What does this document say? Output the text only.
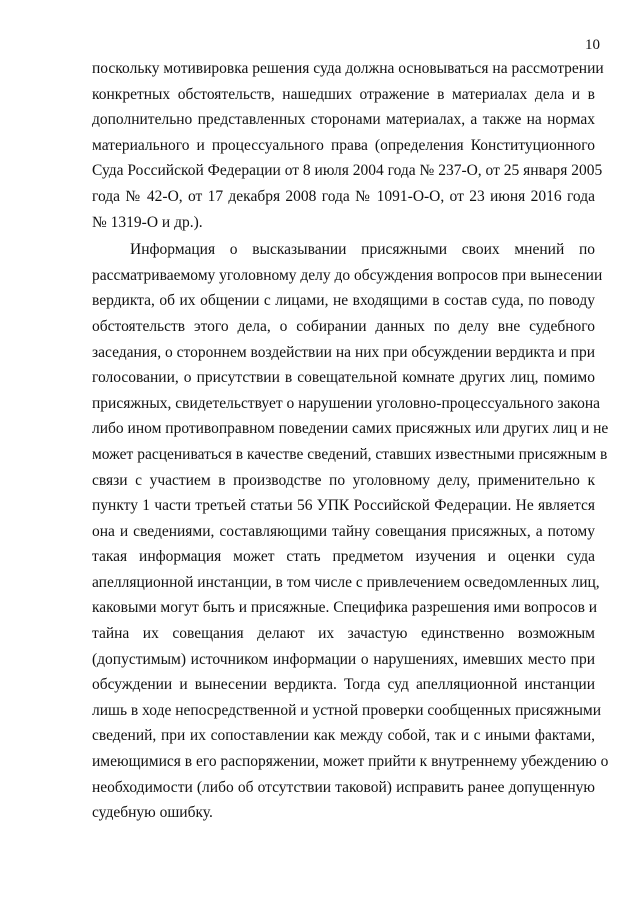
10
поскольку мотивировка решения суда должна основываться на рассмотрении
конкретных обстоятельств, нашедших отражение в материалах дела и в
дополнительно представленных сторонами материалах, а также на нормах
материального и процессуального права (определения Конституционного
Суда Российской Федерации от 8 июля 2004 года № 237-О, от 25 января 2005
года № 42-О, от 17 декабря 2008 года № 1091-О-О, от 23 июня 2016 года
№ 1319-О и др.).
Информация о высказывании присяжными своих мнений по
рассматриваемому уголовному делу до обсуждения вопросов при вынесении
вердикта, об их общении с лицами, не входящими в состав суда, по поводу
обстоятельств этого дела, о собирании данных по делу вне судебного
заседания, о стороннем воздействии на них при обсуждении вердикта и при
голосовании, о присутствии в совещательной комнате других лиц, помимо
присяжных, свидетельствует о нарушении уголовно-процессуального закона
либо ином противоправном поведении самих присяжных или других лиц и не
может расцениваться в качестве сведений, ставших известными присяжным в
связи с участием в производстве по уголовному делу, применительно к
пункту 1 части третьей статьи 56 УПК Российской Федерации. Не является
она и сведениями, составляющими тайну совещания присяжных, а потому
такая информация может стать предметом изучения и оценки суда
апелляционной инстанции, в том числе с привлечением осведомленных лиц,
каковыми могут быть и присяжные. Специфика разрешения ими вопросов и
тайна их совещания делают их зачастую единственно возможным
(допустимым) источником информации о нарушениях, имевших место при
обсуждении и вынесении вердикта. Тогда суд апелляционной инстанции
лишь в ходе непосредственной и устной проверки сообщенных присяжными
сведений, при их сопоставлении как между собой, так и с иными фактами,
имеющимися в его распоряжении, может прийти к внутреннему убеждению о
необходимости (либо об отсутствии таковой) исправить ранее допущенную
судебную ошибку.
